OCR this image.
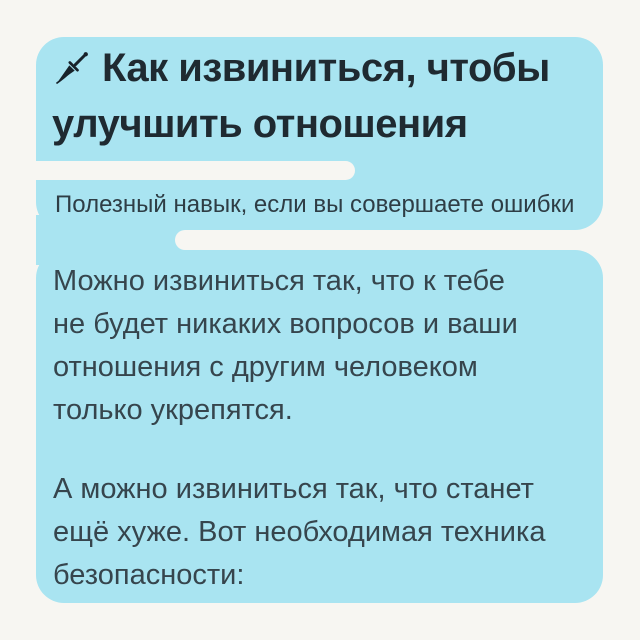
Как извиниться, чтобы
улучшить отношения
Полезный навык, если вы совершаете ошибки
Можно извиниться так, что к тебе
не будет никаких вопросов и ваши
отношения с другим человеком
только укрепятся.
А можно извиниться так, что станет
ещё хуже. Вот необходимая техника
безопасности:
